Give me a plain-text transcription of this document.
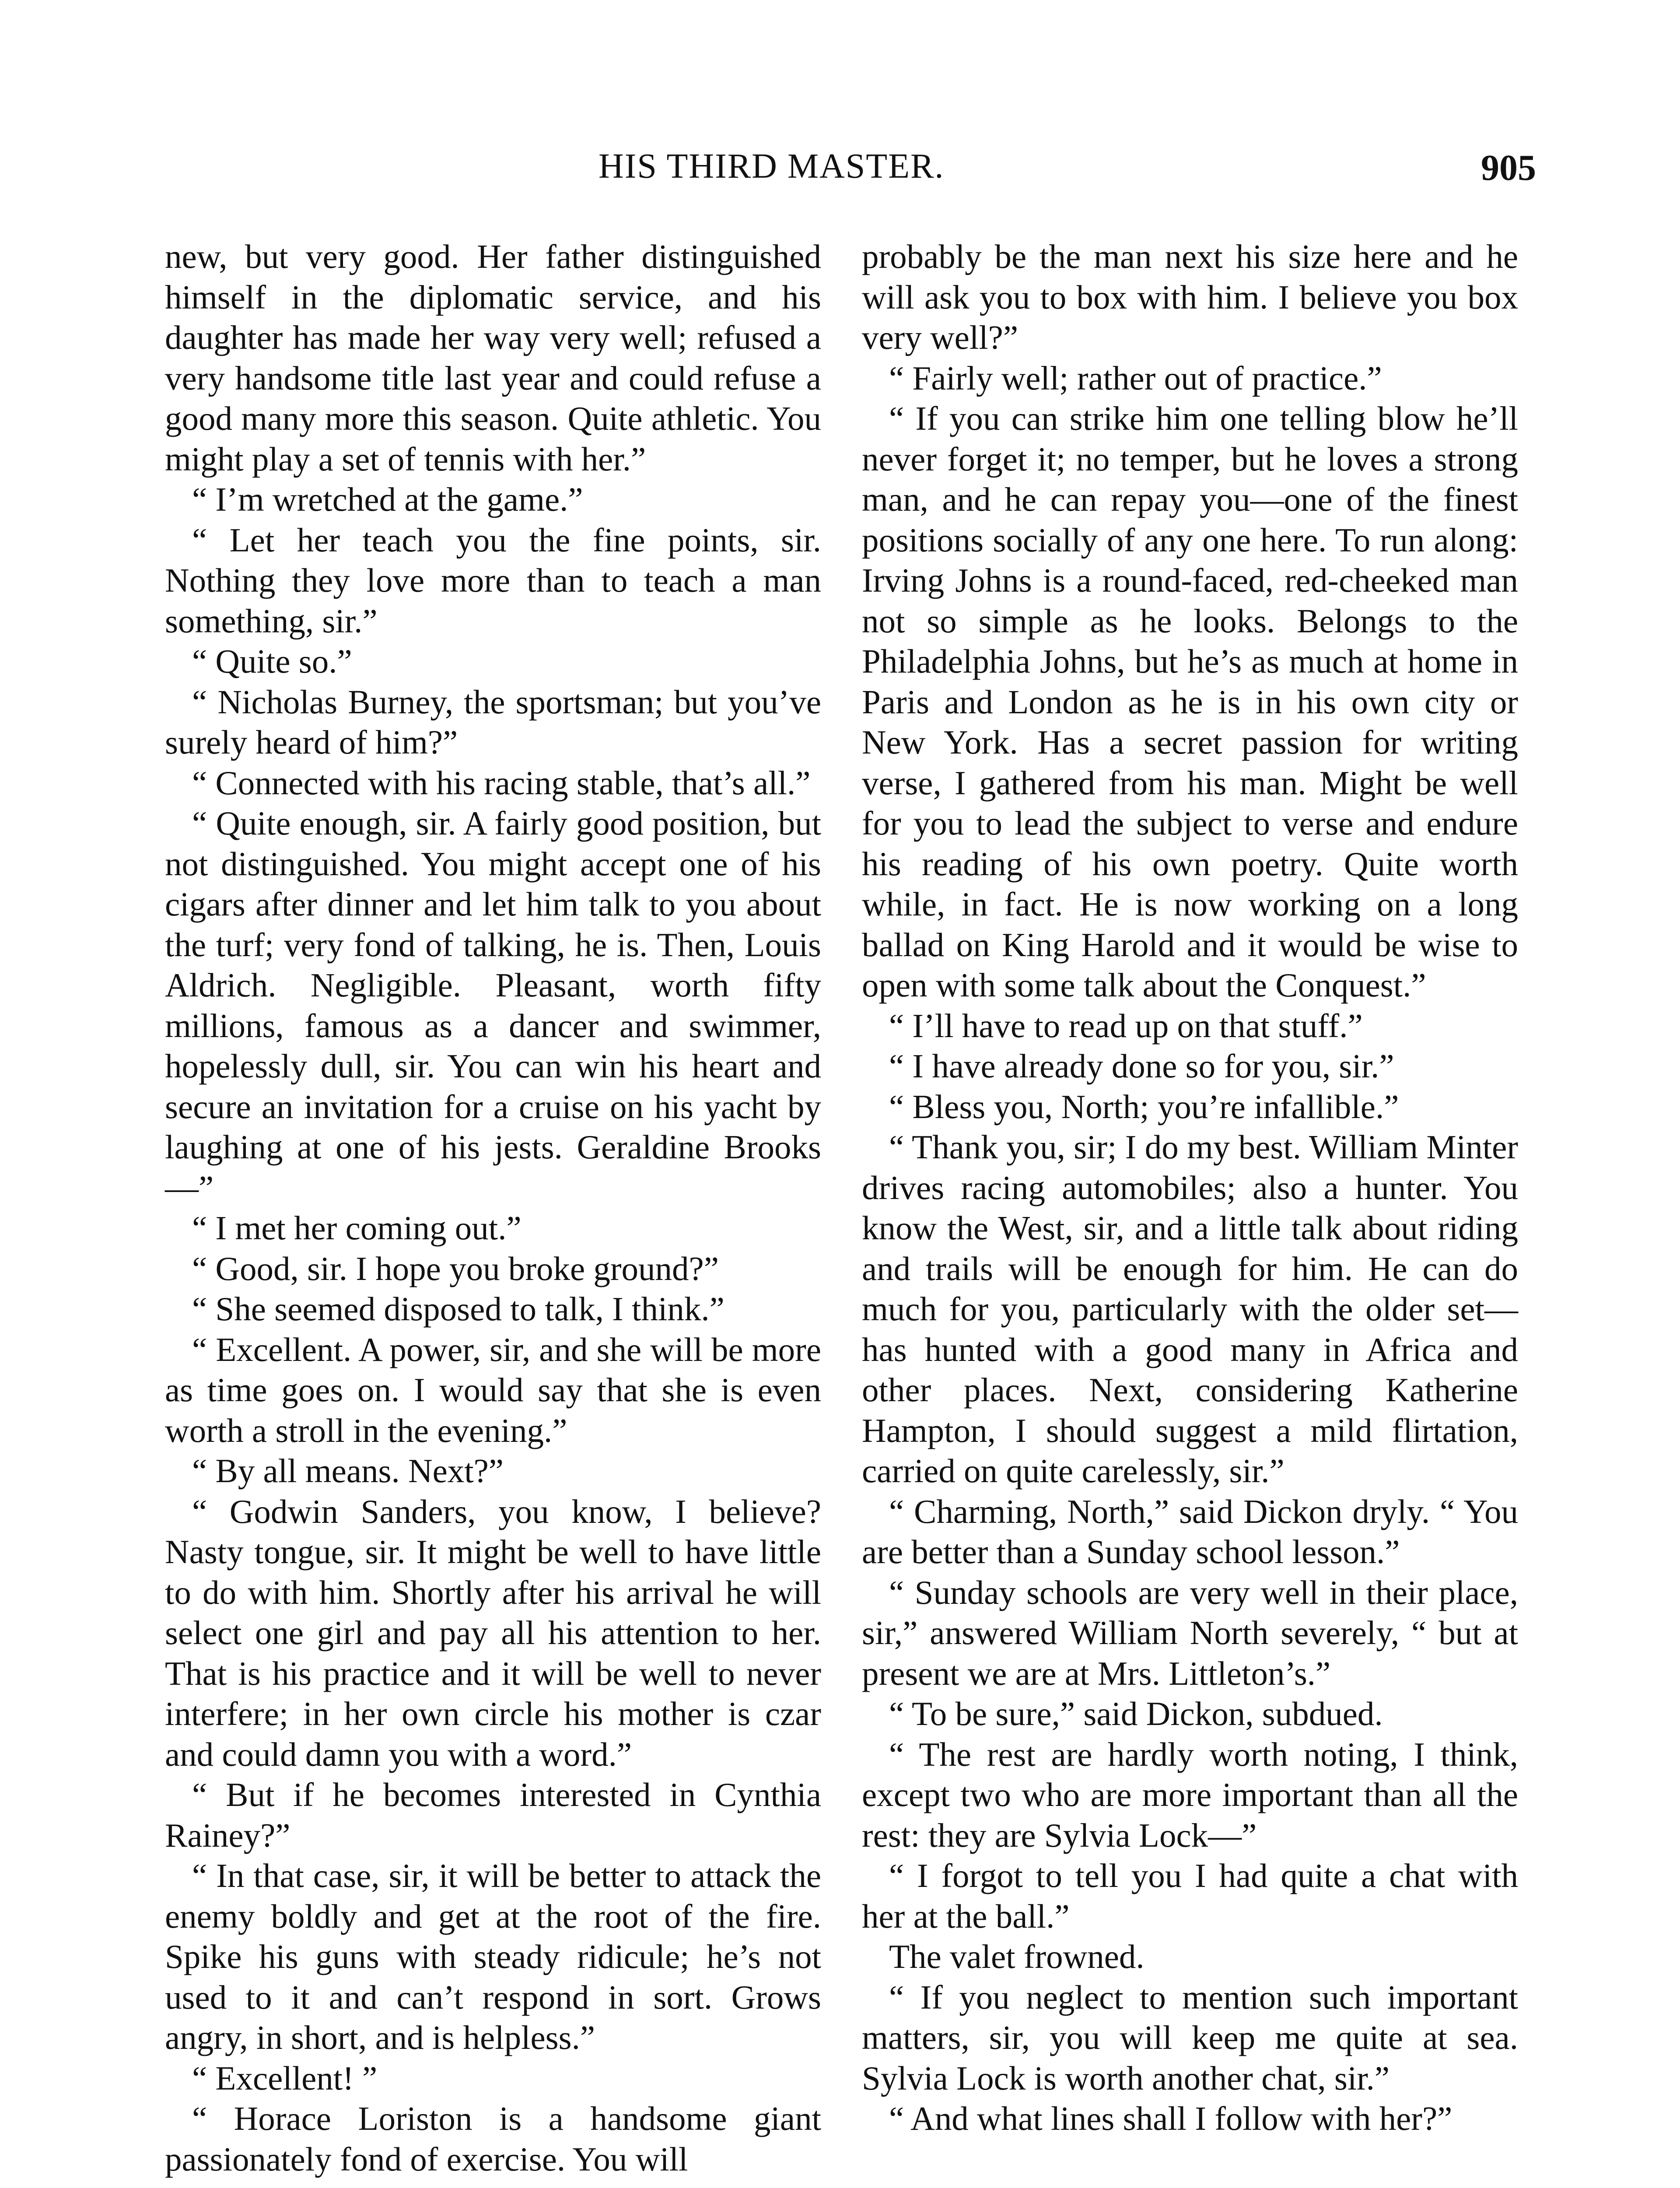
HIS THIRD MASTER.	905

new, but very good. Her father distinguished himself in the diplomatic service, and his daughter has made her way very well; refused a very handsome title last year and could refuse a good many more this season. Quite athletic. You might play a set of tennis with her.”

“ I’m wretched at the game.”

“ Let her teach you the fine points, sir. Nothing they love more than to teach a man something, sir.”

“ Quite so.”

“ Nicholas Burney, the sportsman; but you’ve surely heard of him?”

“ Connected with his racing stable, that’s all.”

“ Quite enough, sir. A fairly good position, but not distinguished. You might accept one of his cigars after dinner and let him talk to you about the turf; very fond of talking, he is. Then, Louis Aldrich. Negligible. Pleasant, worth fifty millions, famous as a dancer and swimmer, hopelessly dull, sir. You can win his heart and secure an invitation for a cruise on his yacht by laughing at one of his jests. Geraldine Brooks—”

“ I met her coming out.”

“ Good, sir. I hope you broke ground?”

“ She seemed disposed to talk, I think.”

“ Excellent. A power, sir, and she will be more as time goes on. I would say that she is even worth a stroll in the evening.”

“ By all means. Next?”

“ Godwin Sanders, you know, I believe? Nasty tongue, sir. It might be well to have little to do with him. Shortly after his arrival he will select one girl and pay all his attention to her. That is his practice and it will be well to never interfere; in her own circle his mother is czar and could damn you with a word.”

“ But if he becomes interested in Cynthia Rainey?”

“ In that case, sir, it will be better to attack the enemy boldly and get at the root of the fire. Spike his guns with steady ridicule; he’s not used to it and can’t respond in sort. Grows angry, in short, and is helpless.”

“ Excellent! ”

“ Horace Loriston is a handsome giant passionately fond of exercise. You will

probably be the man next his size here and he will ask you to box with him. I believe you box very well?”

“ Fairly well; rather out of practice.”

“ If you can strike him one telling blow he’ll never forget it; no temper, but he loves a strong man, and he can repay you—one of the finest positions socially of any one here. To run along: Irving Johns is a round-faced, red-cheeked man not so simple as he looks. Belongs to the Philadelphia Johns, but he’s as much at home in Paris and London as he is in his own city or New York. Has a secret passion for writing verse, I gathered from his man. Might be well for you to lead the subject to verse and endure his reading of his own poetry. Quite worth while, in fact. He is now working on a long ballad on King Harold and it would be wise to open with some talk about the Conquest.”

“ I’ll have to read up on that stuff.”

“ I have already done so for you, sir.”

“ Bless you, North; you’re infallible.”

“ Thank you, sir; I do my best. William Minter drives racing automobiles; also a hunter. You know the West, sir, and a little talk about riding and trails will be enough for him. He can do much for you, particularly with the older set—has hunted with a good many in Africa and other places. Next, considering Katherine Hampton, I should suggest a mild flirtation, carried on quite carelessly, sir.”

“ Charming, North,” said Dickon dryly. “ You are better than a Sunday school lesson.”

“ Sunday schools are very well in their place, sir,” answered William North severely, “ but at present we are at Mrs. Littleton’s.”

“ To be sure,” said Dickon, subdued.

“ The rest are hardly worth noting, I think, except two who are more important than all the rest: they are Sylvia Lock—”

“ I forgot to tell you I had quite a chat with her at the ball.”

The valet frowned.

“ If you neglect to mention such important matters, sir, you will keep me quite at sea. Sylvia Lock is worth another chat, sir.”

“ And what lines shall I follow with her?”
